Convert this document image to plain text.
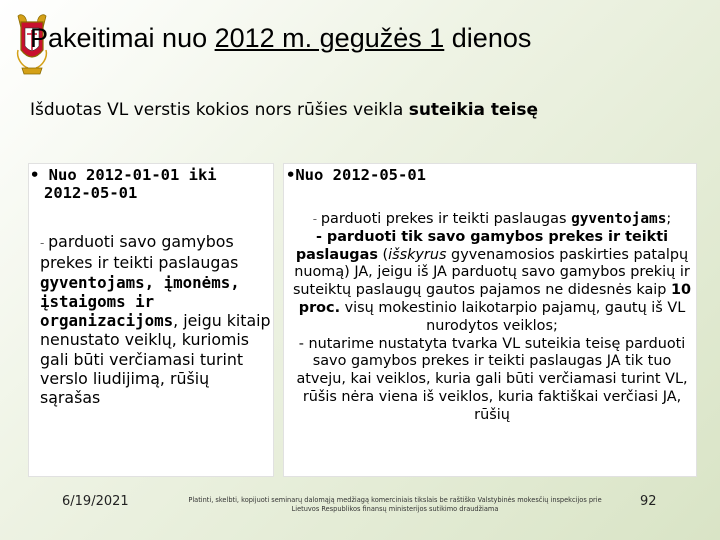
Pakeitimai nuo 2012 m. gegužės 1 dienos
Išduotas VL verstis kokios nors rūšies veikla suteikia teisę
• Nuo 2012-01-01 iki
2012-05-01
•Nuo 2012-05-01
- parduoti savo gamybos prekes ir teikti paslaugas gyventojams, įmonėms, įstaigoms ir organizacijoms, jeigu kitaip nenustato veiklų, kuriomis gali būti verčiamasi turint verslo liudijimą, rūšių sąrašas

- parduoti prekes ir teikti paslaugas gyventojams;

- parduoti tik savo gamybos prekes ir teikti paslaugas (išskyrus gyvenamosios paskirties patalpų nuomą) JA, jeigu iš JA parduotų savo gamybos prekių ir suteiktų paslaugų gautos pajamos ne didesnės kaip 10 proc. visų mokestinio laikotarpio pajamų, gautų iš VL nurodytos veiklos;

- nutarime nustatyta tvarka VL suteikia teisę parduoti savo gamybos prekes ir teikti paslaugas JA tik tuo atveju, kai veiklos, kuria gali būti verčiamasi turint VL, rūšis nėra viena iš veiklos, kuria faktiškai verčiasi JA, rūšių

6/19/2021	Platinti, skelbti, kopijuoti seminarų dalomąją medžiagą komerciniais tikslais be raštiško Valstybinės mokesčių inspekcijos prie Lietuvos Respublikos finansų ministerijos sutikimo draudžiama	92
